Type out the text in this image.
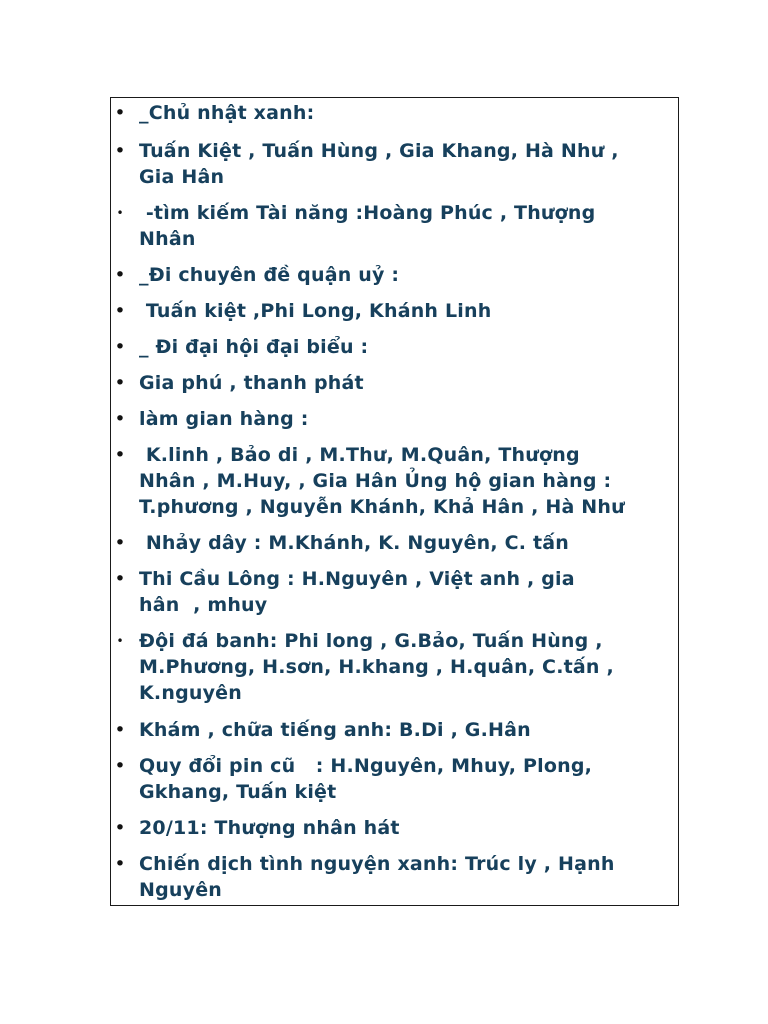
• _Chủ nhật xanh:
• Tuấn Kiệt , Tuấn Hùng , Gia Khang, Hà Như ,
Gia Hân
•	-tìm kiếm Tài năng :Hoàng Phúc , Thượng
Nhân
• _Đi chuyên đề quận uỷ :
• Tuấn kiệt ,Phi Long, Khánh Linh
• _ Đi đại hội đại biểu :
• Gia phú , thanh phát
• làm gian hàng :
•	K.linh , Bảo di , M.Thư, M.Quân, Thượng
Nhân , M.Huy, , Gia Hân Ủng hộ gian hàng :
T.phương , Nguyễn Khánh, Khả Hân , Hà Như
• Nhảy dây : M.Khánh, K. Nguyên, C. tấn
• Thi Cầu Lông : H.Nguyên , Việt anh , gia
hân  , mhuy
• Đội đá banh: Phi long , G.Bảo, Tuấn Hùng ,
M.Phương, H.sơn, H.khang , H.quân, C.tấn ,
K.nguyên
• Khám , chữa tiếng anh: B.Di , G.Hân
• Quy đổi pin cũ   : H.Nguyên, Mhuy, Plong,
Gkhang, Tuấn kiệt
• 20/11: Thượng nhân hát
• Chiến dịch tình nguyện xanh: Trúc ly , Hạnh
Nguyên
